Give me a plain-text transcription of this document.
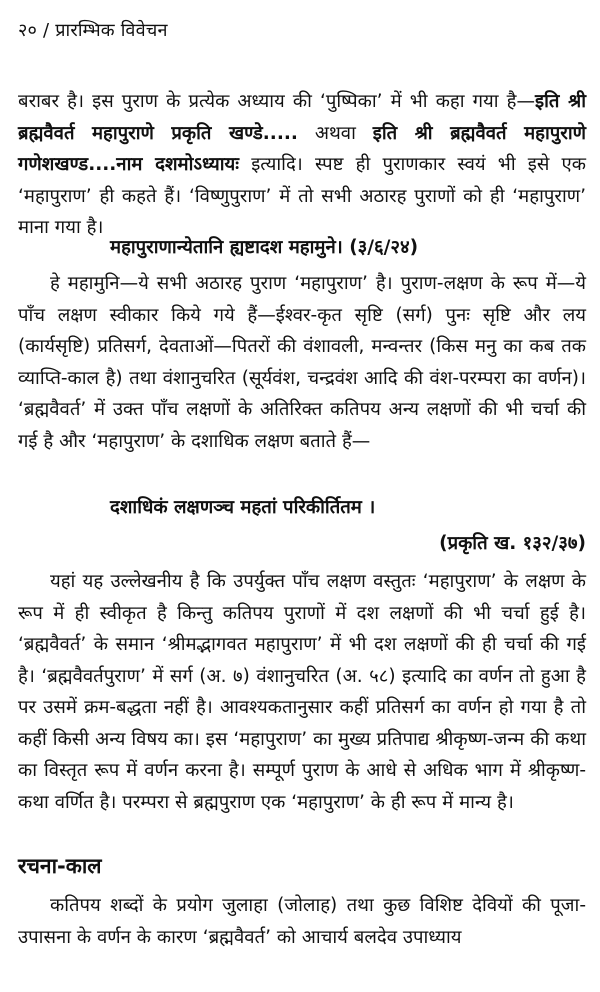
२० / प्रारम्भिक विवेचन
बराबर है। इस पुराण के प्रत्येक अध्याय की ‘पुष्पिका’ में भी कहा गया है—इति श्री ब्रह्मवैवर्त महापुराणे प्रकृति खण्डे..... अथवा इति श्री ब्रह्मवैवर्त महापुराणे गणेशखण्ड....नाम दशमोऽध्यायः इत्यादि। स्पष्ट ही पुराणकार स्वयं भी इसे एक ‘महापुराण’ ही कहते हैं। ‘विष्णुपुराण’ में तो सभी अठारह पुराणों को ही ‘महापुराण’ माना गया है।
महापुराणान्येतानि ह्यष्टादश महामुने। (३/६/२४)
हे महामुनि—ये सभी अठारह पुराण ‘महापुराण’ है। पुराण-लक्षण के रूप में—ये पाँच लक्षण स्वीकार किये गये हैं—ईश्वर-कृत सृष्टि (सर्ग) पुनः सृष्टि और लय (कार्यसृष्टि) प्रतिसर्ग, देवताओं—पितरों की वंशावली, मन्वन्तर (किस मनु का कब तक व्याप्ति-काल है) तथा वंशानुचरित (सूर्यवंश, चन्द्रवंश आदि की वंश-परम्परा का वर्णन)। ‘ब्रह्मवैवर्त’ में उक्त पाँच लक्षणों के अतिरिक्त कतिपय अन्य लक्षणों की भी चर्चा की गई है और ‘महापुराण’ के दशाधिक लक्षण बताते हैं—
दशाधिकं लक्षणञ्च महतां परिकीर्तितम ।
(प्रकृति ख. १३२/३७)
यहां यह उल्लेखनीय है कि उपर्युक्त पाँच लक्षण वस्तुतः ‘महापुराण’ के लक्षण के रूप में ही स्वीकृत है किन्तु कतिपय पुराणों में दश लक्षणों की भी चर्चा हुई है। ‘ब्रह्मवैवर्त’ के समान ‘श्रीमद्भागवत महापुराण’ में भी दश लक्षणों की ही चर्चा की गई है। ‘ब्रह्मवैवर्तपुराण’ में सर्ग (अ. ७) वंशानुचरित (अ. ५८) इत्यादि का वर्णन तो हुआ है पर उसमें क्रम-बद्धता नहीं है। आवश्यकतानुसार कहीं प्रतिसर्ग का वर्णन हो गया है तो कहीं किसी अन्य विषय का। इस ‘महापुराण’ का मुख्य प्रतिपाद्य श्रीकृष्ण-जन्म की कथा का विस्तृत रूप में वर्णन करना है। सम्पूर्ण पुराण के आधे से अधिक भाग में श्रीकृष्ण-कथा वर्णित है। परम्परा से ब्रह्मपुराण एक ‘महापुराण’ के ही रूप में मान्य है।
रचना-काल
कतिपय शब्दों के प्रयोग जुलाहा (जोलाह) तथा कुछ विशिष्ट देवियों की पूजा-उपासना के वर्णन के कारण ‘ब्रह्मवैवर्त’ को आचार्य बलदेव उपाध्याय
